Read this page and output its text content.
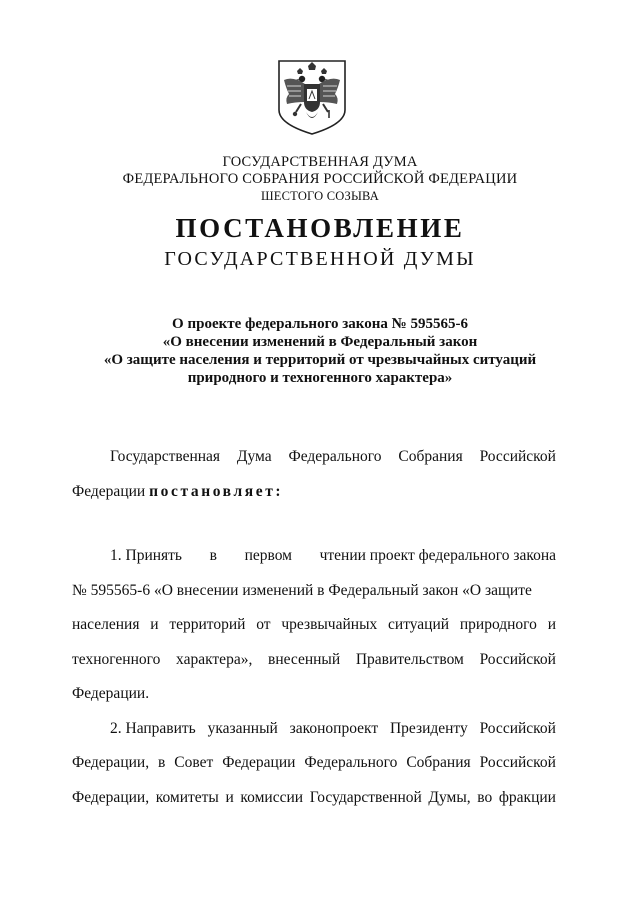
ГОСУДАРСТВЕННАЯ ДУМА
ФЕДЕРАЛЬНОГО СОБРАНИЯ РОССИЙСКОЙ ФЕДЕРАЦИИ
ШЕСТОГО СОЗЫВА
ПОСТАНОВЛЕНИЕ
ГОСУДАРСТВЕННОЙ ДУМЫ
О проекте федерального закона № 595565-6
«О внесении изменений в Федеральный закон
«О защите населения и территорий от чрезвычайных ситуаций
природного и техногенного характера»
Государственная Дума Федерального Собрания Российской
Федерации постановляет:
1. Принять в первом чтении проект федерального закона
№ 595565-6 «О внесении изменений в Федеральный закон «О защите
населения и территорий от чрезвычайных ситуаций природного и
техногенного характера», внесенный Правительством Российской
Федерации.
2. Направить указанный законопроект Президенту Российской
Федерации, в Совет Федерации Федерального Собрания Российской
Федерации, комитеты и комиссии Государственной Думы, во фракции
